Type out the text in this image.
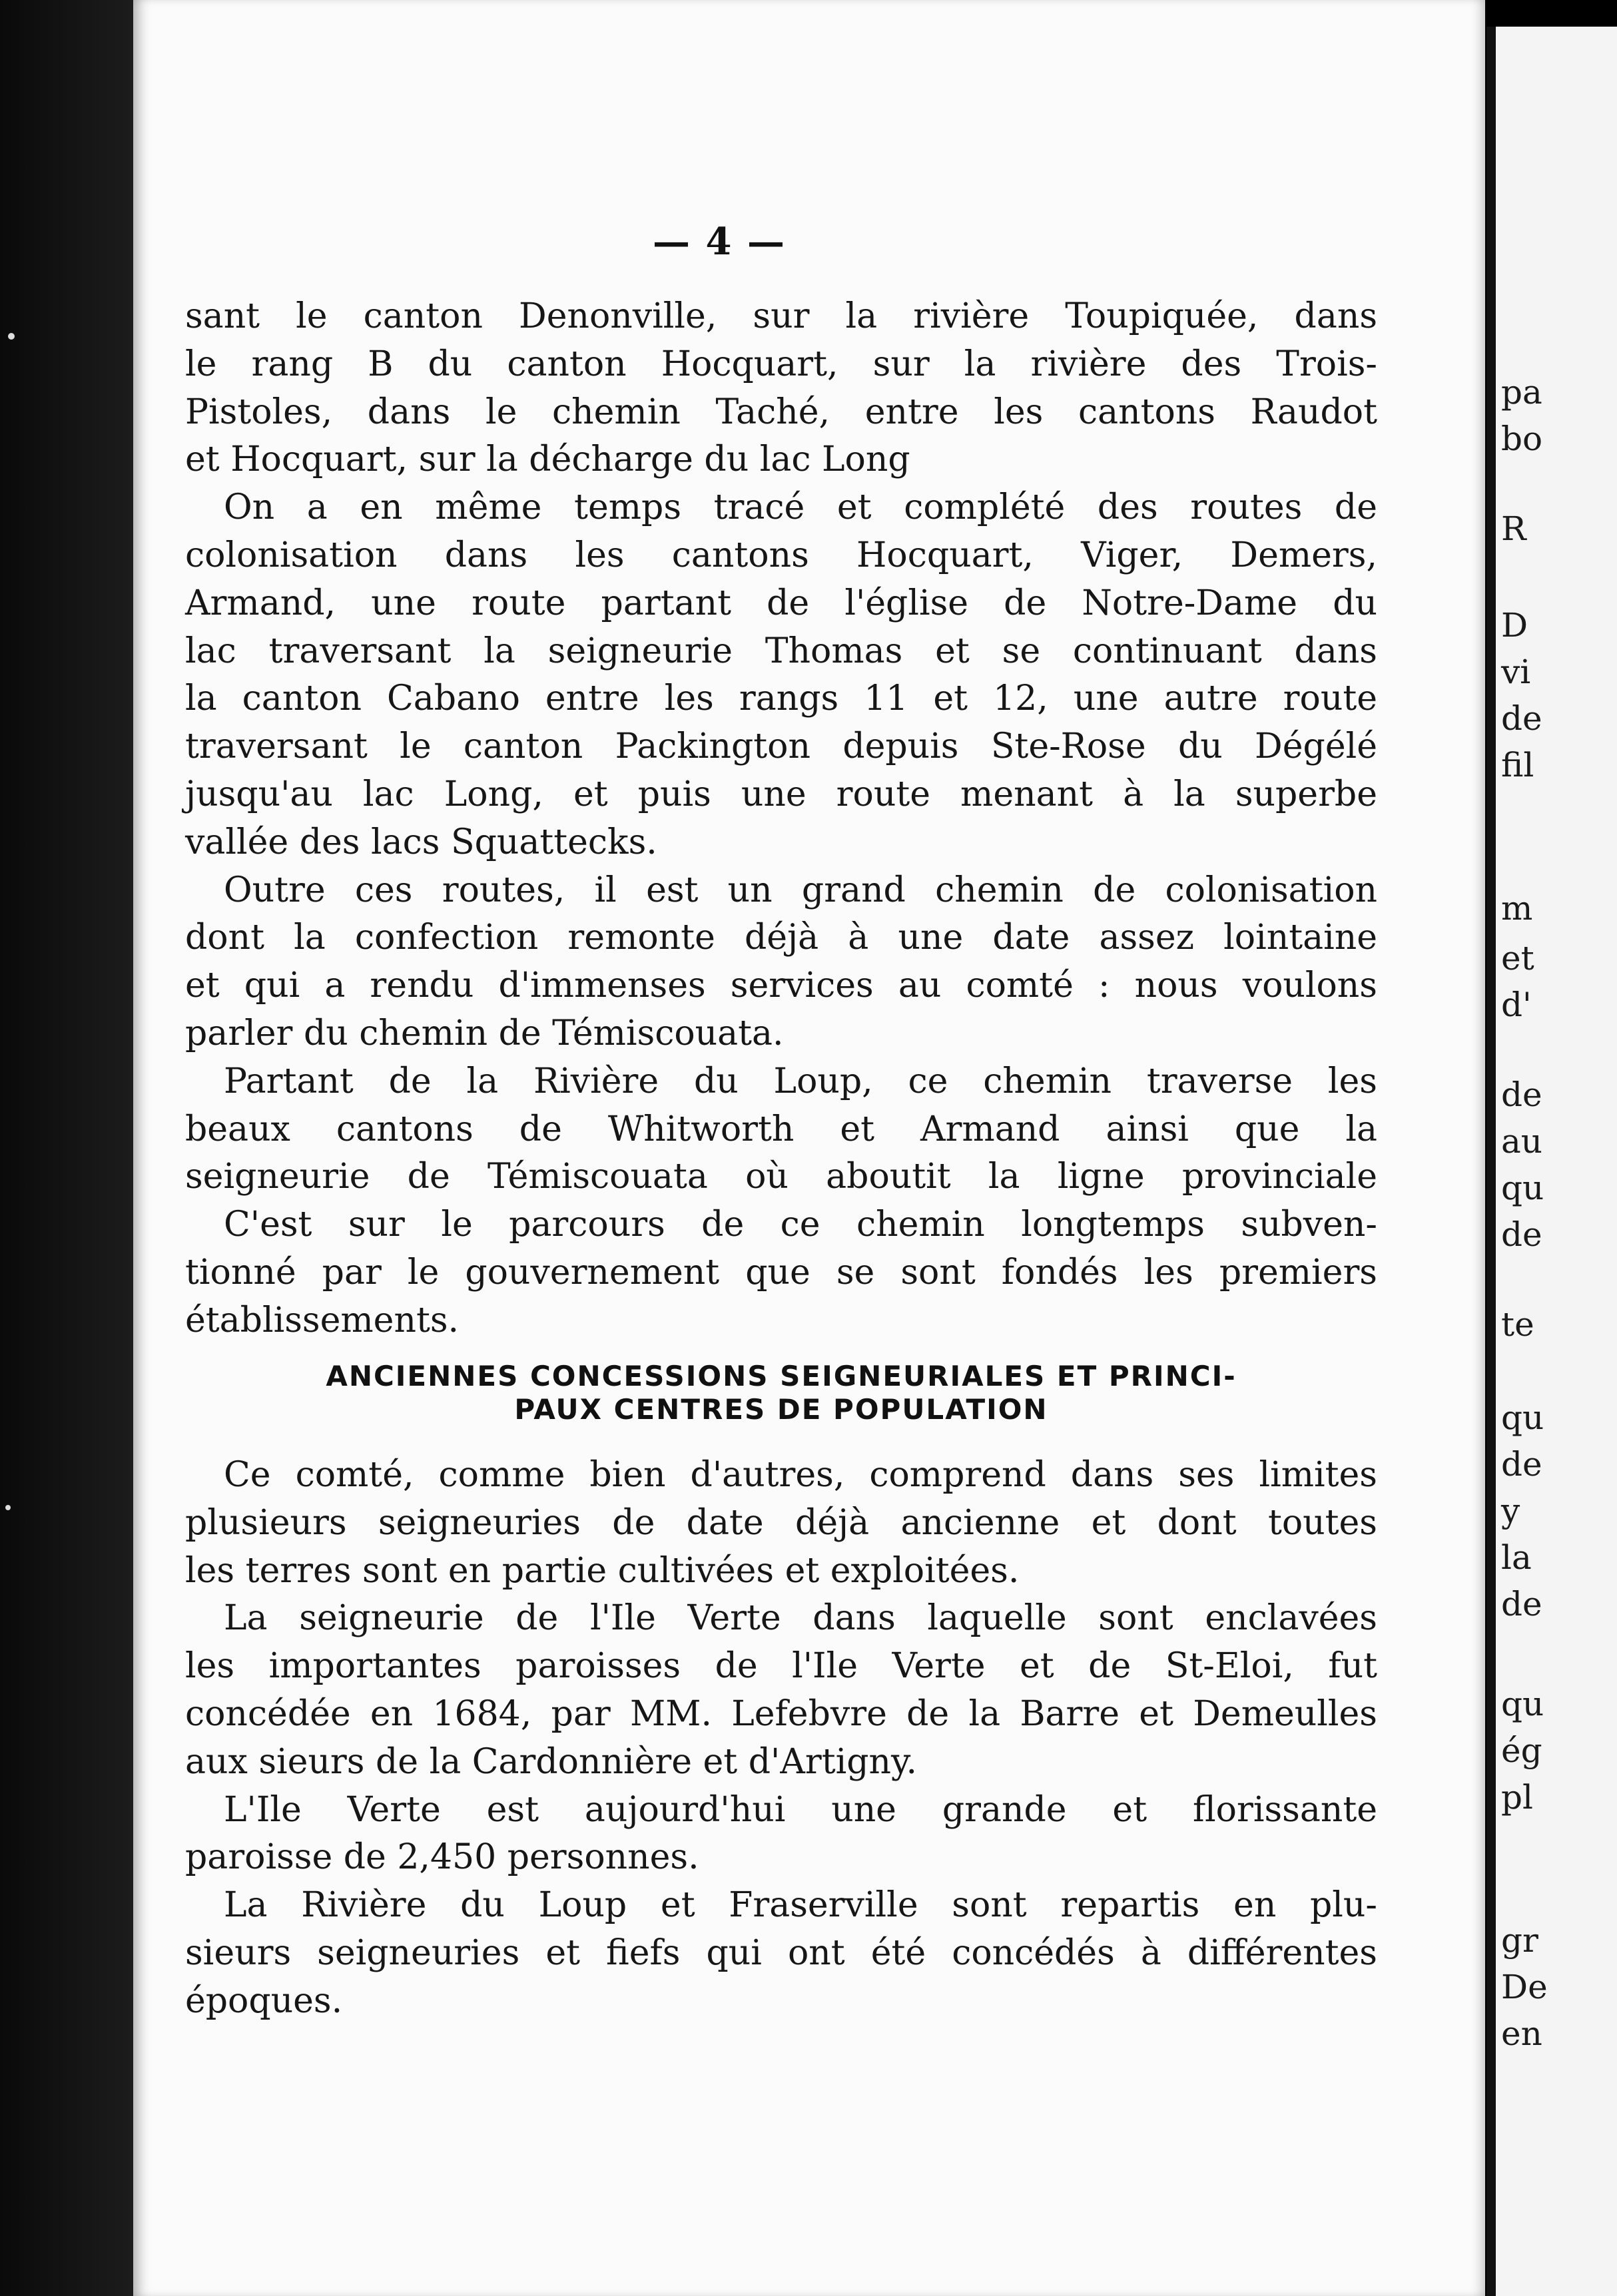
— 4 —
sant le canton Denonville, sur la rivière Toupiquée, dans
le rang B du canton Hocquart, sur la rivière des Trois-
Pistoles, dans le chemin Taché, entre les cantons Raudot
et Hocquart, sur la décharge du lac Long
On a en même temps tracé et complété des routes de
colonisation dans les cantons Hocquart, Viger, Demers,
Armand, une route partant de l'église de Notre-Dame du
lac traversant la seigneurie Thomas et se continuant dans
la canton Cabano entre les rangs 11 et 12, une autre route
traversant le canton Packington depuis Ste-Rose du Dégélé
jusqu'au lac Long, et puis une route menant à la superbe
vallée des lacs Squattecks.
Outre ces routes, il est un grand chemin de colonisation
dont la confection remonte déjà à une date assez lointaine
et qui a rendu d'immenses services au comté : nous voulons
parler du chemin de Témiscouata.
Partant de la Rivière du Loup, ce chemin traverse les
beaux cantons de Whitworth et Armand ainsi que la
seigneurie de Témiscouata où aboutit la ligne provinciale
C'est sur le parcours de ce chemin longtemps subven-
tionné par le gouvernement que se sont fondés les premiers
établissements.
ANCIENNES CONCESSIONS SEIGNEURIALES ET PRINCI-
PAUX CENTRES DE POPULATION
Ce comté, comme bien d'autres, comprend dans ses limites
plusieurs seigneuries de date déjà ancienne et dont toutes
les terres sont en partie cultivées et exploitées.
La seigneurie de l'Ile Verte dans laquelle sont enclavées
les importantes paroisses de l'Ile Verte et de St-Eloi, fut
concédée en 1684, par MM. Lefebvre de la Barre et Demeulles
aux sieurs de la Cardonnière et d'Artigny.
L'Ile Verte est aujourd'hui une grande et florissante
paroisse de 2,450 personnes.
La Rivière du Loup et Fraserville sont repartis en plu-
sieurs seigneuries et fiefs qui ont été concédés à différentes
époques.
pa
bo
R
D
vi
de
fil
m
et
d'
de
au
qu
de
te
qu
de
y
la
de
qu
ég
pl
gr
De
en
